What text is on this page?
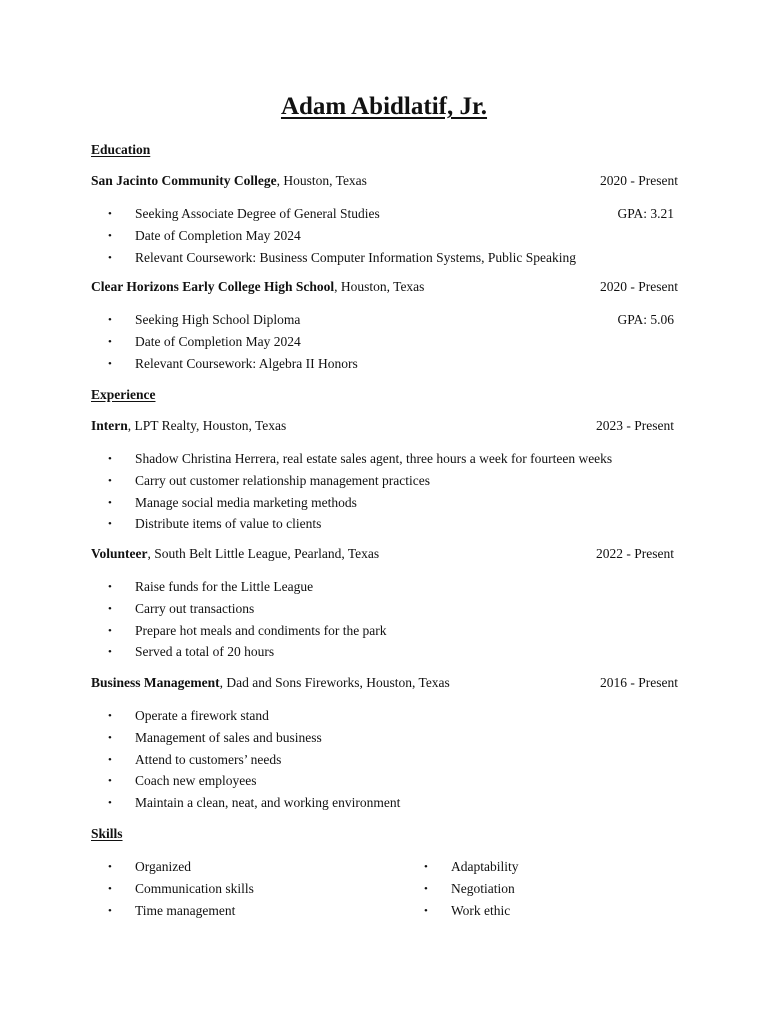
Adam Abidlatif, Jr.
Education
San Jacinto Community College, Houston, Texas	2020 - Present
• Seeking Associate Degree of General Studies	GPA: 3.21
• Date of Completion May 2024
• Relevant Coursework: Business Computer Information Systems, Public Speaking
Clear Horizons Early College High School, Houston, Texas	2020 - Present
• Seeking High School Diploma	GPA: 5.06
• Date of Completion May 2024
• Relevant Coursework: Algebra II Honors
Experience
Intern, LPT Realty, Houston, Texas	2023 - Present
• Shadow Christina Herrera, real estate sales agent, three hours a week for fourteen weeks
• Carry out customer relationship management practices
• Manage social media marketing methods
• Distribute items of value to clients
Volunteer, South Belt Little League, Pearland, Texas	2022 - Present
• Raise funds for the Little League
• Carry out transactions
• Prepare hot meals and condiments for the park
• Served a total of 20 hours
Business Management, Dad and Sons Fireworks, Houston, Texas	2016 - Present
• Operate a firework stand
• Management of sales and business
• Attend to customers’ needs
• Coach new employees
• Maintain a clean, neat, and working environment
Skills
• Organized
• Communication skills
• Time management
• Adaptability
• Negotiation
• Work ethic
